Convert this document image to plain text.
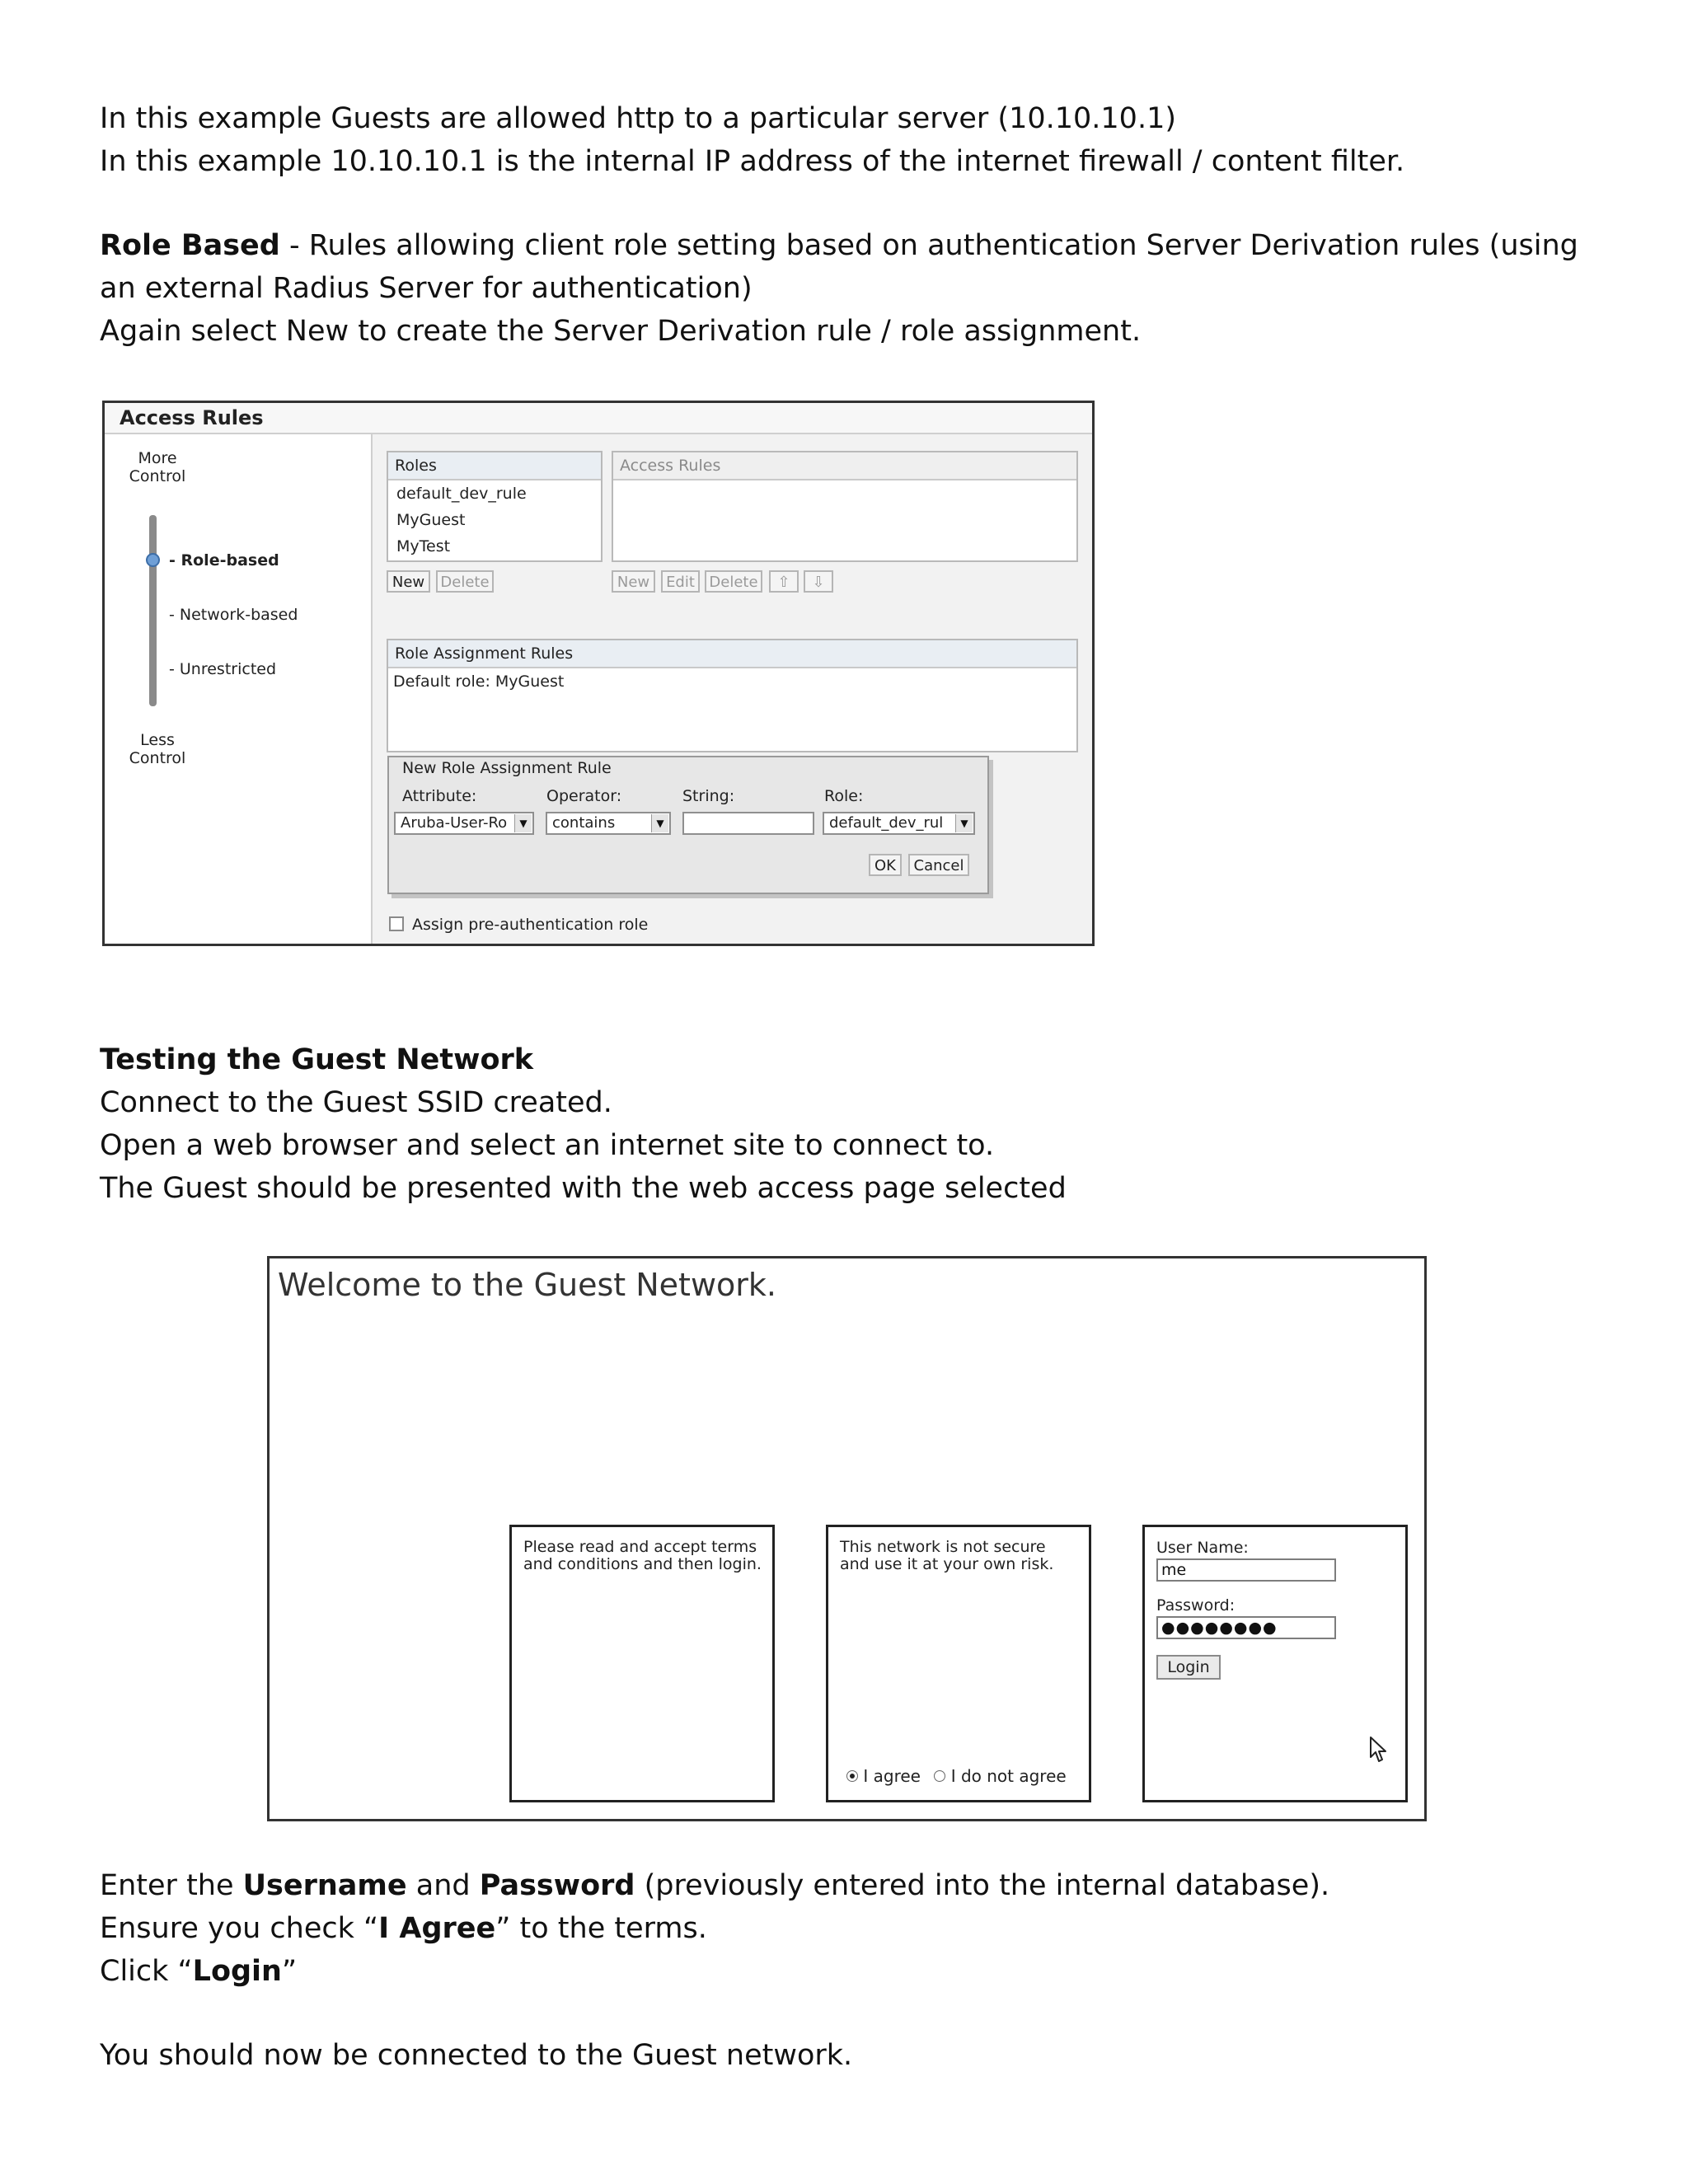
In this example Guests are allowed http to a particular server (10.10.10.1)
In this example 10.10.10.1 is the internal IP address of the internet firewall / content filter.
Role Based - Rules allowing client role setting based on authentication Server Derivation rules (using an external Radius Server for authentication)
Again select New to create the Server Derivation rule / role assignment.
Access Rules
More Control
- Role-based
- Network-based
- Unrestricted
Less Control
Roles
default_dev_rule
MyGuest
MyTest
Access Rules
New	Delete	New	Edit Delete	⇧	⇩
Role Assignment Rules
Default role: MyGuest
New Role Assignment Rule
Attribute:	Operator:	String:	Role:
Aruba-User-Ro	▼	contains	▼	default_dev_rul	▼
OK	Cancel
Assign pre-authentication role
Testing the Guest Network
Connect to the Guest SSID created.
Open a web browser and select an internet site to connect to.
The Guest should be presented with the web access page selected
Welcome to the Guest Network.
Please read and accept terms and conditions and then login.
This network is not secure and use it at your own risk.
I agree I do not agree
User Name:
me
Password:
●●●●●●●●
Login
Enter the Username and Password (previously entered into the internal database).
Ensure you check “I Agree” to the terms.
Click “Login”
You should now be connected to the Guest network.
